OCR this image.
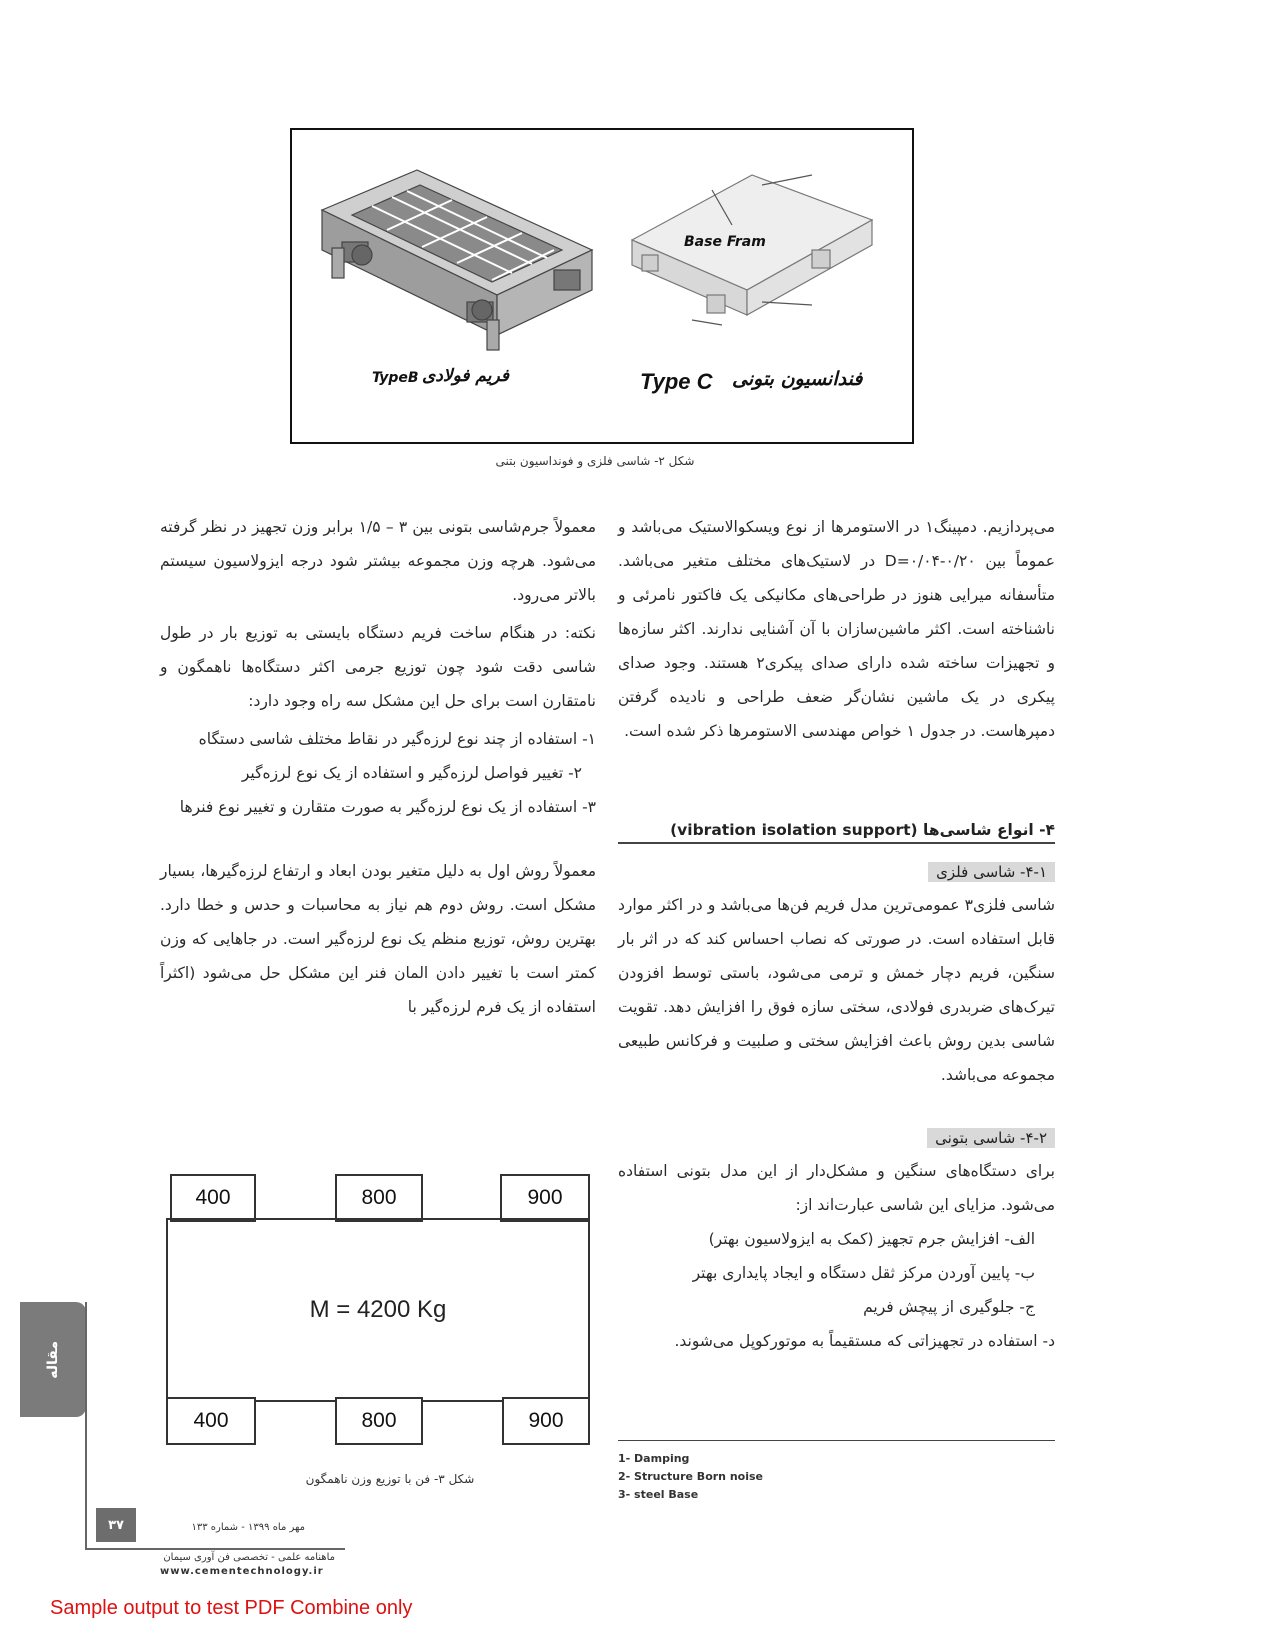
Base Fram
TypeB فریم فولادی	Type C فندانسیون بتونی
شکل ۲- شاسی فلزی و فونداسیون بتنی

می‌پردازیم. دمپینگ۱ در الاستومرها از نوع ویسکوالاستیک می‌باشد و عموماً بین D=۰/۰۴-۰/۲۰ در لاستیک‌های مختلف متغیر می‌باشد. متأسفانه میرایی هنوز در طراحی‌های مکانیکی یک فاکتور نامرئی و ناشناخته است. اکثر ماشین‌سازان با آن آشنایی ندارند. اکثر سازه‌ها و تجهیزات ساخته شده دارای صدای پیکری۲ هستند. وجود صدای پیکری در یک ماشین نشان‌گر ضعف طراحی و نادیده گرفتن دمپرهاست. در جدول ۱ خواص مهندسی الاستومرها ذکر شده است.

۴- انواع شاسی‌ها (vibration isolation support)
۴-۱- شاسی فلزی

شاسی فلزی۳ عمومی‌ترین مدل فریم فن‌ها می‌باشد و در اکثر موارد قابل استفاده است. در صورتی که نصاب احساس کند که در اثر بار سنگین، فریم دچار خمش و ترمی می‌شود، باستی توسط افزودن تیرک‌های ضربدری فولادی، سختی سازه فوق را افزایش دهد. تقویت شاسی بدین روش باعث افزایش سختی و صلبیت و فرکانس طبیعی مجموعه می‌باشد.

۴-۲- شاسی بتونی

برای دستگاه‌های سنگین و مشکل‌دار از این مدل بتونی استفاده می‌شود. مزایای این شاسی عبارت‌اند از:

الف- افزایش جرم تجهیز (کمک به ایزولاسیون بهتر)

ب- پایین آوردن مرکز ثقل دستگاه و ایجاد پایداری بهتر

ج- جلوگیری از پیچش فریم

د- استفاده در تجهیزاتی که مستقیماً به موتورکوپل می‌شوند.

1- Damping
2- Structure Born noise
3- steel Base

معمولاً جرم‌شاسی بتونی بین ۳ – ۱/۵ برابر وزن تجهیز در نظر گرفته می‌شود. هرچه وزن مجموعه بیشتر شود درجه ایزولاسیون سیستم بالاتر می‌رود.

نکته: در هنگام ساخت فریم دستگاه بایستی به توزیع بار در طول شاسی دقت شود چون توزیع جرمی اکثر دستگاه‌ها ناهمگون و نامتقارن است برای حل این مشکل سه راه وجود دارد:

۱- استفاده از چند نوع لرزه‌گیر در نقاط مختلف شاسی دستگاه

۲- تغییر فواصل لرزه‌گیر و استفاده از یک نوع لرزه‌گیر

۳- استفاده از یک نوع لرزه‌گیر به صورت متقارن و تغییر نوع فنرها

معمولاً روش اول به دلیل متغیر بودن ابعاد و ارتفاع لرزه‌گیرها، بسیار مشکل است. روش دوم هم نیاز به محاسبات و حدس و خطا دارد. بهترین روش، توزیع منظم یک نوع لرزه‌گیر است. در جاهایی که وزن کمتر است با تغییر دادن المان فنر این مشکل حل می‌شود (اکثراً استفاده از یک فرم لرزه‌گیر با

400	800	900
M = 4200 Kg
400	800	900
شکل ۳- فن با توزیع وزن ناهمگون
مقاله
۳۷	مهر ماه ۱۳۹۹ - شماره ۱۳۳
ماهنامه علمی - تخصصی فن آوری سیمان
www.cementechnology.ir
Sample output to test PDF Combine only
